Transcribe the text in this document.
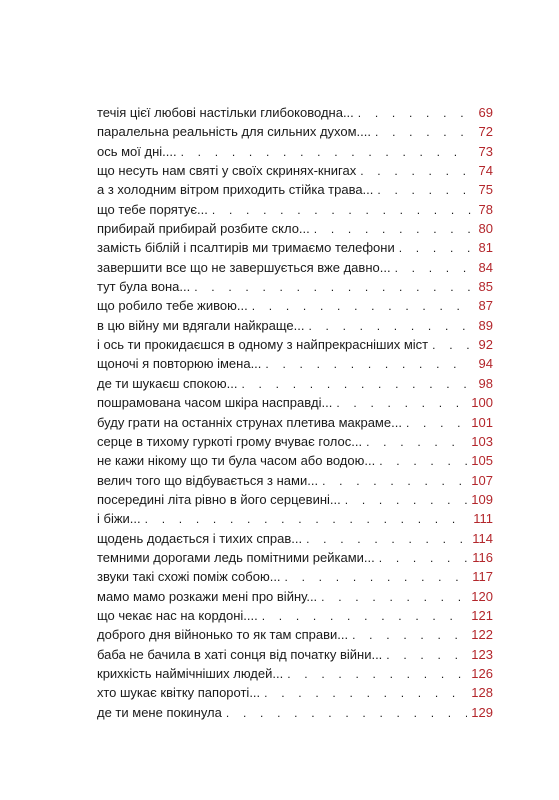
течія цієї любові настільки глибоководна... . . .	69
паралельна реальність для сильних духом.... . . .	72
ось мої дні.... . . .	73
що несуть нам святі у своїх скринях-книгах . . .	74
а з холодним вітром приходить стійка трава... . . .	75
що тебе порятує... . . .	78
прибирай прибирай розбите скло... . . .	80
замість біблій і псалтирів ми тримаємо телефони . . .	81
завершити все що не завершується вже давно... . . .	84
тут була вона... . . .	85
що робило тебе живою... . . .	87
в цю війну ми вдягали найкраще... . . .	89
і ось ти прокидаєшся в одному з найпрекрасніших міст . . .	92
щоночі я повторюю імена... . . .	94
де ти шукаєш спокою... . . .	98
пошрамована часом шкіра насправді... . . .	100
буду грати на останніх струнах плетива макраме... . . .	101
серце в тихому гуркоті грому вчуває голос... . . .	103
не кажи нікому що ти була часом або водою... . . .	105
велич того що відбувається з нами... . . .	107
посередині літа рівно в його серцевині... . . .	109
і біжи... . . .	111
щодень додається і тихих справ... . . .	114
темними дорогами ледь помітними рейками... . . .	116
звуки такі схожі поміж собою... . . .	117
мамо мамо розкажи мені про війну... . . .	120
що чекає нас на кордоні.... . . .	121
доброго дня війнонько то як там справи... . . .	122
баба не бачила в хаті сонця від початку війни... . . .	123
крихкість наймічніших людей... . . .	126
хто шукає квітку папороті... . . .	128
де ти мене покинула . . .	129
